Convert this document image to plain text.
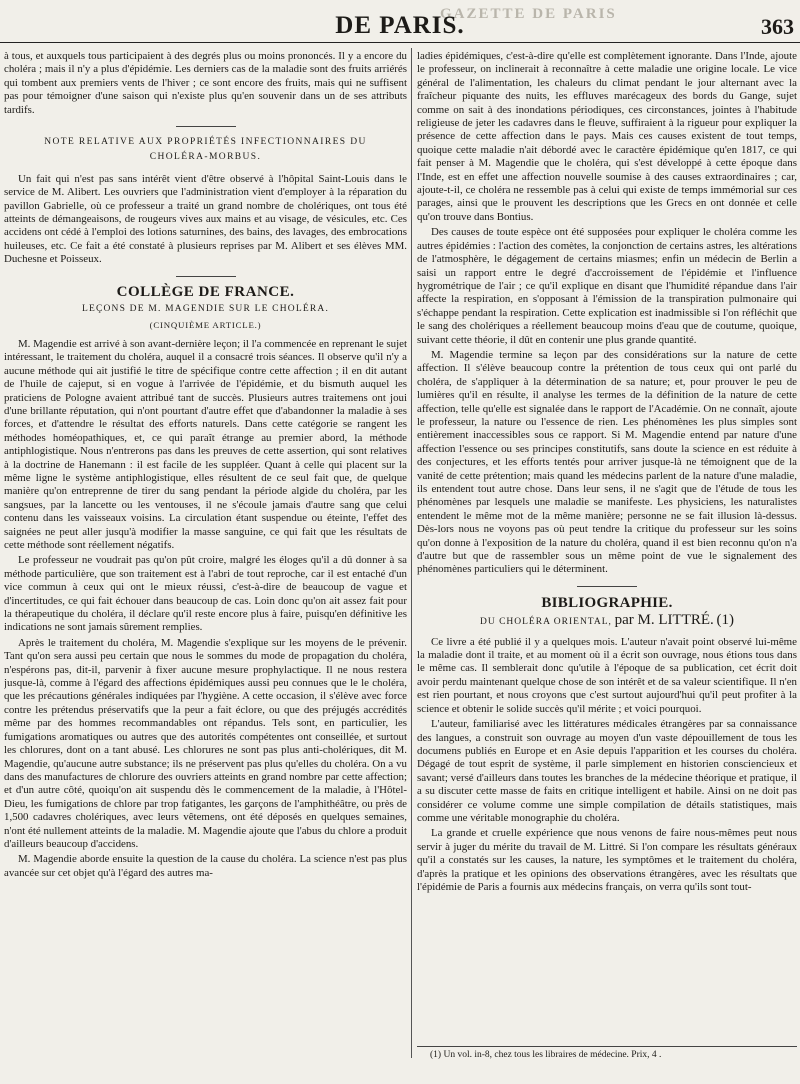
GAZETTE DE PARIS
DE PARIS.	363

à tous, et auxquels tous participaient à des degrés plus ou moins prononcés. Il y a encore du choléra ; mais il n'y a plus d'épidémie. Les derniers cas de la maladie sont des fruits arriérés qui tombent aux premiers vents de l'hiver ; ce sont encore des fruits, mais qui ne suffisent pas pour témoigner d'une saison qui n'existe plus qu'en souvenir dans un de ses attributs tardifs.

NOTE RELATIVE AUX PROPRIÉTÉS INFECTIONNAIRES DU
CHOLÉRA-MORBUS.

Un fait qui n'est pas sans intérêt vient d'être observé à l'hôpital Saint-Louis dans le service de M. Alibert. Les ouvriers que l'administration vient d'employer à la réparation du pavillon Gabrielle, où ce professeur a traité un grand nombre de cholériques, ont tous été atteints de démangeaisons, de rougeurs vives aux mains et au visage, de vésicules, etc. Ces accidens ont cédé à l'emploi des lotions saturnines, des bains, des lavages, des embrocations huileuses, etc. Ce fait a été constaté à plusieurs reprises par M. Alibert et ses élèves MM. Duchesne et Poisseux.

COLLÈGE DE FRANCE.
LEÇONS DE M. MAGENDIE SUR LE CHOLÉRA.
(CINQUIÈME ARTICLE.)

M. Magendie est arrivé à son avant-dernière leçon; il l'a commencée en reprenant le sujet intéressant, le traitement du choléra, auquel il a consacré trois séances. Il observe qu'il n'y a aucune méthode qui ait justifié le titre de spécifique contre cette affection ; il en dit autant de l'huile de cajeput, si en vogue à l'arrivée de l'épidémie, et du bismuth auquel les praticiens de Pologne avaient attribué tant de succès. Plusieurs autres traitemens ont joui d'une brillante réputation, qui n'ont pourtant d'autre effet que d'abandonner la maladie à ses forces, et d'attendre le résultat des efforts naturels. Dans cette catégorie se rangent les méthodes homéopathiques, et, ce qui paraît étrange au premier abord, la méthode antiphlogistique. Nous n'entrerons pas dans les preuves de cette assertion, qui sont relatives à la doctrine de Hanemann : il est facile de les suppléer. Quant à celle qui placent sur la même ligne le système antiphlogistique, elles résultent de ce seul fait que, de quelque manière qu'on entreprenne de tirer du sang pendant la période algide du choléra, par les sangsues, par la lancette ou les ventouses, il ne s'écoule jamais d'autre sang que celui contenu dans les vaisseaux voisins. La circulation étant suspendue ou éteinte, l'effet des saignées ne peut aller jusqu'à modifier la masse sanguine, ce qui fait que les résultats de cette méthode sont réellement négatifs.

Le professeur ne voudrait pas qu'on pût croire, malgré les éloges qu'il a dû donner à sa méthode particulière, que son traitement est à l'abri de tout reproche, car il est entaché d'un vice commun à ceux qui ont le mieux réussi, c'est-à-dire de beaucoup de vague et d'incertitudes, ce qui fait échouer dans beaucoup de cas. Loin donc qu'on ait assez fait pour la thérapeutique du choléra, il déclare qu'il reste encore plus à faire, puisqu'en définitive les indications ne sont jamais sûrement remplies.

Après le traitement du choléra, M. Magendie s'explique sur les moyens de le prévenir. Tant qu'on sera aussi peu certain que nous le sommes du mode de propagation du choléra, n'espérons pas, dit-il, parvenir à fixer aucune mesure prophylactique. Il ne nous restera jusque-là, comme à l'égard des affections épidémiques aussi peu connues que le le choléra, que les précautions générales indiquées par l'hygiène. A cette occasion, il s'élève avec force contre les prétendus préservatifs que la peur a fait éclore, ou que des préjugés accrédités même par des hommes recommandables ont répandus. Tels sont, en particulier, les fumigations aromatiques ou autres que des autorités compétentes ont conseillée, et surtout les chlorures, dont on a tant abusé. Les chlorures ne sont pas plus anti-cholériques, dit M. Magendie, qu'aucune autre substance; ils ne préservent pas plus qu'elles du choléra. On a vu dans des manufactures de chlorure des ouvriers atteints en grand nombre par cette affection; et d'un autre côté, quoiqu'on ait suspendu dès le commencement de la maladie, à l'Hôtel-Dieu, les fumigations de chlore par trop fatigantes, les garçons de l'amphithéâtre, ou près de 1,500 cadavres cholériques, avec leurs vêtemens, ont été déposés en quelques semaines, n'ont été nullement atteints de la maladie. M. Magendie ajoute que l'abus du chlore a produit d'ailleurs beaucoup d'accidens.

M. Magendie aborde ensuite la question de la cause du choléra. La science n'est pas plus avancée sur cet objet qu'à l'égard des autres ma-

ladies épidémiques, c'est-à-dire qu'elle est complètement ignorante. Dans l'Inde, ajoute le professeur, on inclinerait à reconnaître à cette maladie une origine locale. Le vice général de l'alimentation, les chaleurs du climat pendant le jour alternant avec la fraîcheur piquante des nuits, les effluves marécageux des bords du Gange, sujet comme on sait à des inondations périodiques, ces circonstances, jointes à l'habitude religieuse de jeter les cadavres dans le fleuve, suffiraient à la rigueur pour expliquer la présence de cette affection dans le pays. Mais ces causes existent de tout temps, quoique cette maladie n'ait débordé avec le caractère épidémique qu'en 1817, ce qui fait penser à M. Magendie que le choléra, qui s'est développé à cette époque dans l'Inde, est en effet une affection nouvelle soumise à des causes extraordinaires ; car, ajoute-t-il, ce choléra ne ressemble pas à celui qui existe de temps immémorial sur ces parages, ainsi que le prouvent les descriptions que les Grecs en ont donnée et celle qu'on trouve dans Bontius.

Des causes de toute espèce ont été supposées pour expliquer le choléra comme les autres épidémies : l'action des comètes, la conjonction de certains astres, les altérations de l'atmosphère, le dégagement de certains miasmes; enfin un médecin de Berlin a saisi un rapport entre le degré d'accroissement de l'épidémie et l'influence hygrométrique de l'air ; ce qu'il explique en disant que l'humidité répandue dans l'air affecte la respiration, en s'opposant à l'émission de la transpiration pulmonaire qui s'échappe pendant la respiration. Cette explication est inadmissible si l'on réfléchit que le sang des cholériques a réellement beaucoup moins d'eau que de coutume, quoique, suivant cette théorie, il dût en contenir une plus grande quantité.

M. Magendie termine sa leçon par des considérations sur la nature de cette affection. Il s'élève beaucoup contre la prétention de tous ceux qui ont parlé du choléra, de s'appliquer à la détermination de sa nature; et, pour prouver le peu de lumières qu'il en résulte, il analyse les termes de la définition de la nature de cette affection, telle qu'elle est signalée dans le rapport de l'Académie. On ne connaît, ajoute le professeur, la nature ou l'essence de rien. Les phénomènes les plus simples sont entièrement inaccessibles sous ce rapport. Si M. Magendie entend par nature d'une affection l'essence ou ses principes constitutifs, sans doute la science en est réduite à des conjectures, et les efforts tentés pour arriver jusque-là ne témoignent que de la vanité de cette prétention; mais quand les médecins parlent de la nature d'une maladie, ils entendent tout autre chose. Dans leur sens, il ne s'agit que de l'étude de tous les phénomènes par lesquels une maladie se manifeste. Les physiciens, les naturalistes entendent le même mot de la même manière; personne ne se fait illusion là-dessus. Dès-lors nous ne voyons pas où peut tendre la critique du professeur sur les soins qu'on donne à l'exposition de la nature du choléra, quand il est bien reconnu qu'on n'a d'autre but que de rassembler sous un même point de vue le signalement des phénomènes particuliers qui le déterminent.

BIBLIOGRAPHIE.
DU CHOLÉRA ORIENTAL, par M. LITTRÉ. (1)

Ce livre a été publié il y a quelques mois. L'auteur n'avait point observé lui-même la maladie dont il traite, et au moment où il a écrit son ouvrage, nous étions tous dans le même cas. Il semblerait donc qu'utile à l'époque de sa publication, cet écrit doit avoir perdu maintenant quelque chose de son intérêt et de sa valeur scientifique. Il n'en est rien pourtant, et nous croyons que c'est surtout aujourd'hui qu'il peut profiter à la science et obtenir le solide succès qu'il mérite ; et voici pourquoi.

L'auteur, familiarisé avec les littératures médicales étrangères par sa connaissance des langues, a construit son ouvrage au moyen d'un vaste dépouillement de tous les documens publiés en Europe et en Asie depuis l'apparition et les courses du choléra. Dégagé de tout esprit de système, il parle simplement en historien consciencieux et savant; versé d'ailleurs dans toutes les branches de la médecine théorique et pratique, il a su discuter cette masse de faits en critique intelligent et habile. Ainsi on ne doit pas considérer ce volume comme une simple compilation de détails statistiques, mais comme une véritable monographie du choléra.

La grande et cruelle expérience que nous venons de faire nous-mêmes peut nous servir à juger du mérite du travail de M. Littré. Si l'on compare les résultats généraux qu'il a constatés sur les causes, la nature, les symptômes et le traitement du choléra, d'après la pratique et les opinions des observations étrangères, avec les résultats que l'épidémie de Paris a fournis aux médecins français, on verra qu'ils sont tout-

(1) Un vol. in-8, chez tous les libraires de médecine. Prix, 4 .
